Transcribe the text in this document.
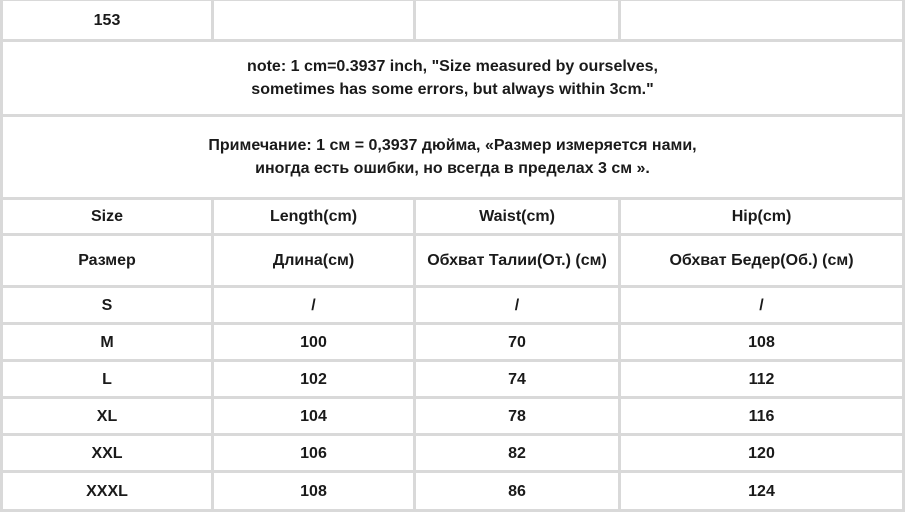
153			

note: 1 cm=0.3937 inch, "Size measured by ourselves,
sometimes has some errors, but always within 3cm."			

Примечание: 1 см = 0,3937 дюйма, «Размер измеряется нами,
иногда есть ошибки, но всегда в пределах 3 см ».			

Size	Length(cm)	Waist(cm)	Hip(cm)
Размер	Длина(см)	Обхват Талии(От.) (см)	Обхват Бедер(Об.) (см)
S	/	/	/
M	100	70	108
L	102	74	112
XL	104	78	116
XXL	106	82	120
XXXL	108	86	124
